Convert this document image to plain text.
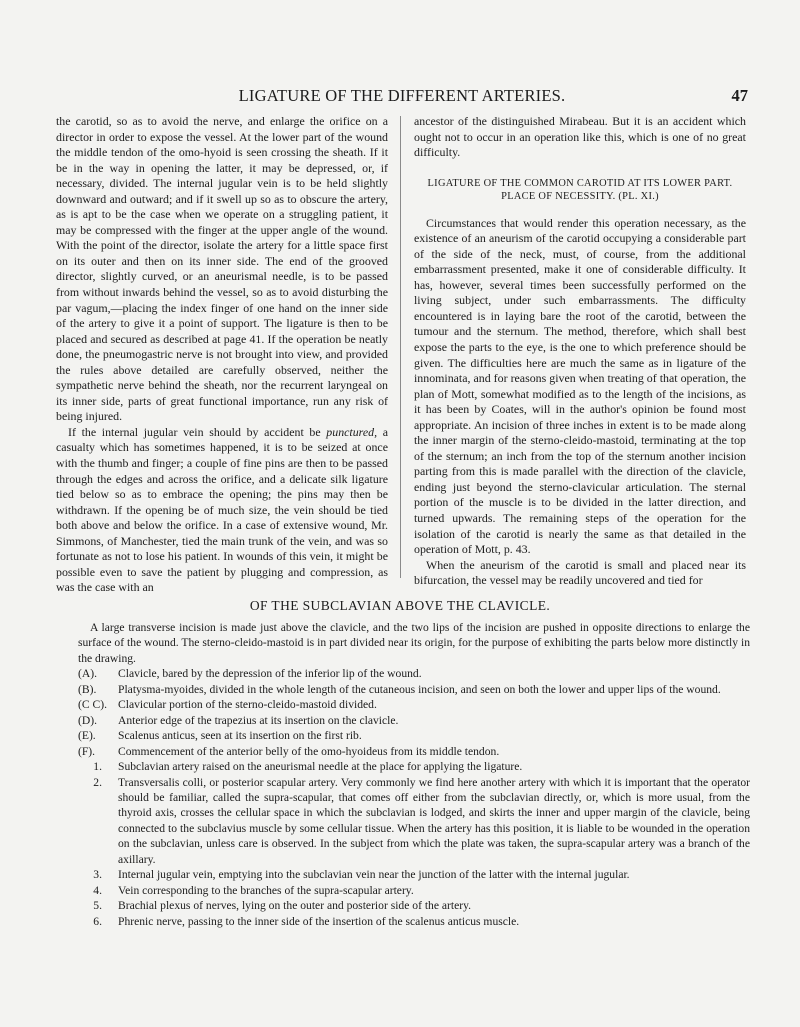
LIGATURE OF THE DIFFERENT ARTERIES.	47

the carotid, so as to avoid the nerve, and enlarge the orifice on a director in order to expose the vessel. At the lower part of the wound the middle tendon of the omo-hyoid is seen crossing the sheath. If it be in the way in opening the latter, it may be depressed, or, if necessary, divided. The internal jugular vein is to be held slightly downward and outward; and if it swell up so as to obscure the artery, as is apt to be the case when we operate on a struggling patient, it may be compressed with the finger at the upper angle of the wound. With the point of the director, isolate the artery for a little space first on its outer and then on its inner side. The end of the grooved director, slightly curved, or an aneurismal needle, is to be passed from without inwards behind the vessel, so as to avoid disturbing the par vagum,—placing the index finger of one hand on the inner side of the artery to give it a point of support. The ligature is then to be placed and secured as described at page 41. If the operation be neatly done, the pneumogastric nerve is not brought into view, and provided the rules above detailed are carefully observed, neither the sympathetic nerve behind the sheath, nor the recurrent laryngeal on its inner side, parts of great functional importance, run any risk of being injured.

If the internal jugular vein should by accident be punctured, a casualty which has sometimes happened, it is to be seized at once with the thumb and finger; a couple of fine pins are then to be passed through the edges and across the orifice, and a delicate silk ligature tied below so as to embrace the opening; the pins may then be withdrawn. If the opening be of much size, the vein should be tied both above and below the orifice. In a case of extensive wound, Mr. Simmons, of Manchester, tied the main trunk of the vein, and was so fortunate as not to lose his patient. In wounds of this vein, it might be possible even to save the patient by plugging and compression, as was the case with an

ancestor of the distinguished Mirabeau. But it is an accident which ought not to occur in an operation like this, which is one of no great difficulty.

LIGATURE OF THE COMMON CAROTID AT ITS LOWER PART.
PLACE OF NECESSITY. (PL. XI.)

Circumstances that would render this operation necessary, as the existence of an aneurism of the carotid occupying a considerable part of the side of the neck, must, of course, from the additional embarrassment presented, make it one of considerable difficulty. It has, however, several times been successfully performed on the living subject, under such embarrassments. The difficulty encountered is in laying bare the root of the carotid, between the tumour and the sternum. The method, therefore, which shall best expose the parts to the eye, is the one to which preference should be given. The difficulties here are much the same as in ligature of the innominata, and for reasons given when treating of that operation, the plan of Mott, somewhat modified as to the length of the incisions, as it has been by Coates, will in the author's opinion be found most appropriate. An incision of three inches in extent is to be made along the inner margin of the sterno-cleido-mastoid, terminating at the top of the sternum; an inch from the top of the sternum another incision parting from this is made parallel with the direction of the clavicle, ending just beyond the sterno-clavicular articulation. The sternal portion of the muscle is to be divided in the latter direction, and turned upwards. The remaining steps of the operation for the isolation of the carotid is nearly the same as that detailed in the operation of Mott, p. 43.

When the aneurism of the carotid is small and placed near its bifurcation, the vessel may be readily uncovered and tied for

OF THE SUBCLAVIAN ABOVE THE CLAVICLE.

A large transverse incision is made just above the clavicle, and the two lips of the incision are pushed in opposite directions to enlarge the surface of the wound. The sterno-cleido-mastoid is in part divided near its origin, for the purpose of exhibiting the parts below more distinctly in the drawing.

(A).	Clavicle, bared by the depression of the inferior lip of the wound.

(B).	Platysma-myoides, divided in the whole length of the cutaneous incision, and seen on both the lower and upper lips of the wound.

(C C). Clavicular portion of the sterno-cleido-mastoid divided.

(D).	Anterior edge of the trapezius at its insertion on the clavicle.

(E).	Scalenus anticus, seen at its insertion on the first rib.

(F).	Commencement of the anterior belly of the omo-hyoideus from its middle tendon.

1. Subclavian artery raised on the aneurismal needle at the place for applying the ligature.

2. Transversalis colli, or posterior scapular artery. Very commonly we find here another artery with which it is important that the operator should be familiar, called the supra-scapular, that comes off either from the subclavian directly, or, which is more usual, from the thyroid axis, crosses the cellular space in which the subclavian is lodged, and skirts the inner and upper margin of the clavicle, being connected to the subclavius muscle by some cellular tissue. When the artery has this position, it is liable to be wounded in the operation on the subclavian, unless care is observed. In the subject from which the plate was taken, the supra-scapular artery was a branch of the axillary.

3. Internal jugular vein, emptying into the subclavian vein near the junction of the latter with the internal jugular.

4. Vein corresponding to the branches of the supra-scapular artery.

5. Brachial plexus of nerves, lying on the outer and posterior side of the artery.

6. Phrenic nerve, passing to the inner side of the insertion of the scalenus anticus muscle.
